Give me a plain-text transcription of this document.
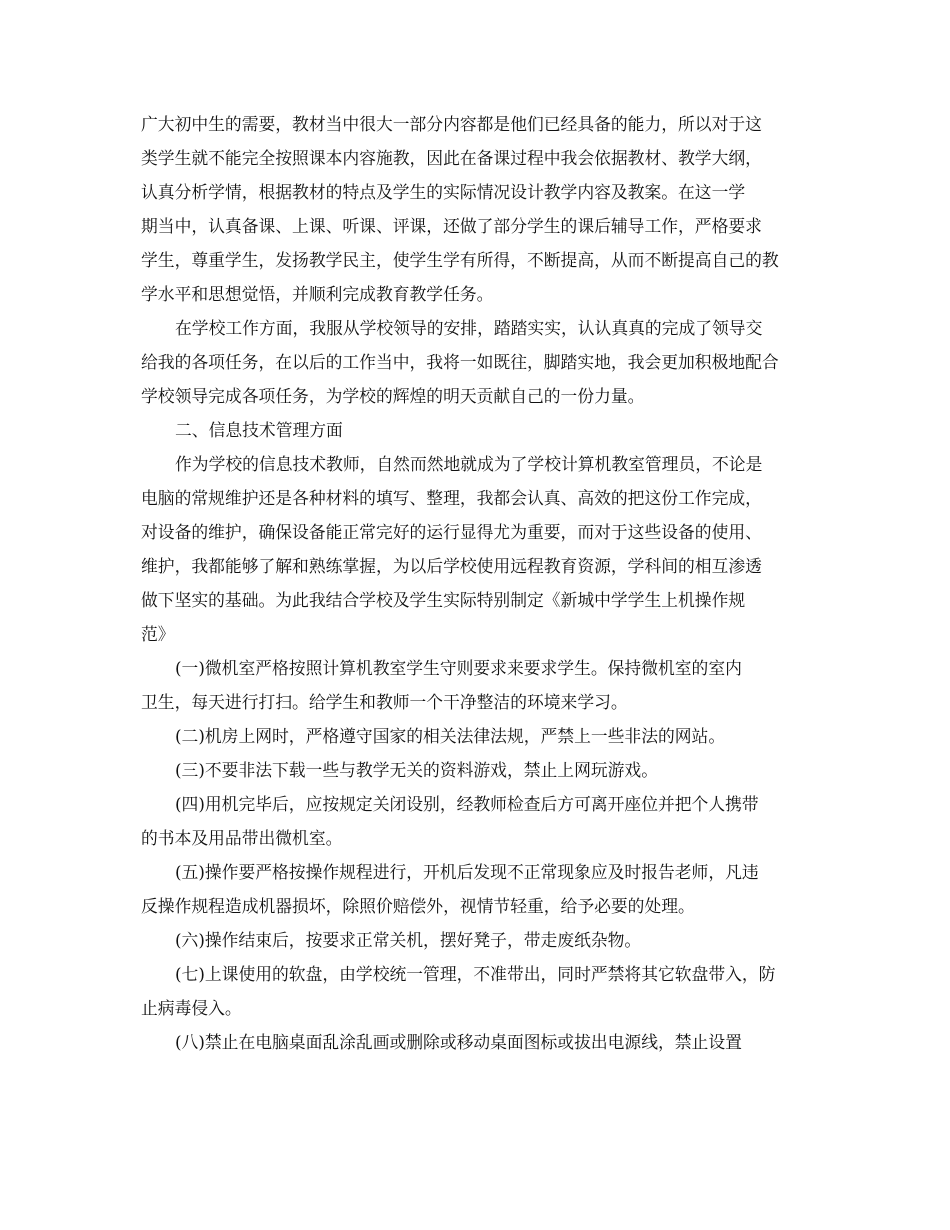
广大初中生的需要，教材当中很大一部分内容都是他们已经具备的能力，所以对于这
类学生就不能完全按照课本内容施教，因此在备课过程中我会依据教材、教学大纲，
认真分析学情，根据教材的特点及学生的实际情况设计教学内容及教案。在这一学
期当中，认真备课、上课、听课、评课，还做了部分学生的课后辅导工作，严格要求
学生，尊重学生，发扬教学民主，使学生学有所得，不断提高，从而不断提高自己的教
学水平和思想觉悟，并顺利完成教育教学任务。
在学校工作方面，我服从学校领导的安排，踏踏实实，认认真真的完成了领导交
给我的各项任务，在以后的工作当中，我将一如既往，脚踏实地，我会更加积极地配合
学校领导完成各项任务，为学校的辉煌的明天贡献自己的一份力量。
二、信息技术管理方面
作为学校的信息技术教师，自然而然地就成为了学校计算机教室管理员，不论是
电脑的常规维护还是各种材料的填写、整理，我都会认真、高效的把这份工作完成，
对设备的维护，确保设备能正常完好的运行显得尤为重要，而对于这些设备的使用、
维护，我都能够了解和熟练掌握，为以后学校使用远程教育资源，学科间的相互渗透
做下坚实的基础。为此我结合学校及学生实际特别制定《新城中学学生上机操作规
范》
(一)微机室严格按照计算机教室学生守则要求来要求学生。保持微机室的室内
卫生，每天进行打扫。给学生和教师一个干净整洁的环境来学习。
(二)机房上网时，严格遵守国家的相关法律法规，严禁上一些非法的网站。
(三)不要非法下载一些与教学无关的资料游戏，禁止上网玩游戏。
(四)用机完毕后，应按规定关闭设别，经教师检查后方可离开座位并把个人携带
的书本及用品带出微机室。
(五)操作要严格按操作规程进行，开机后发现不正常现象应及时报告老师，凡违
反操作规程造成机器损坏，除照价赔偿外，视情节轻重，给予必要的处理。
(六)操作结束后，按要求正常关机，摆好凳子，带走废纸杂物。
(七)上课使用的软盘，由学校统一管理，不准带出，同时严禁将其它软盘带入，防
止病毒侵入。
(八)禁止在电脑桌面乱涂乱画或删除或移动桌面图标或拔出电源线，禁止设置
